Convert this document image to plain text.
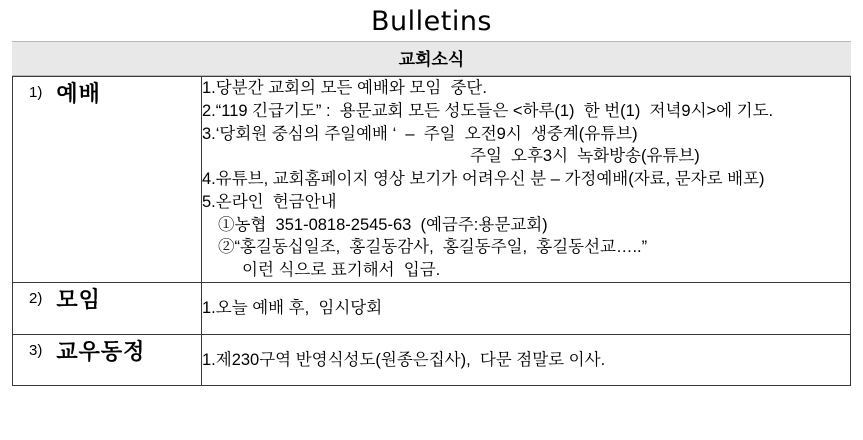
Bulletins
교회소식
1) 예배	1.당분간 교회의 모든 예배와 모임  중단.
2.“119 긴급기도” :  용문교회 모든 성도들은 <하루(1)  한 번(1)  저녁9시>에 기도.
3.‘당회원 중심의 주일예배 ‘  –  주일  오전9시  생중계(유튜브)
주일  오후3시  녹화방송(유튜브)
4.유튜브, 교회홈페이지 영상 보기가 어려우신 분 – 가정예배(자료, 문자로 배포)
5.온라인  헌금안내
①농협  351-0818-2545-63  (예금주:용문교회)
②“홍길동십일조,  홍길동감사,  홍길동주일,  홍길동선교…..”
이런 식으로 표기해서  입금.

2) 모임	1.오늘 예배 후,  임시당회

3) 교우동정	1.제230구역 반영식성도(원종은집사),  다문 점말로 이사.
